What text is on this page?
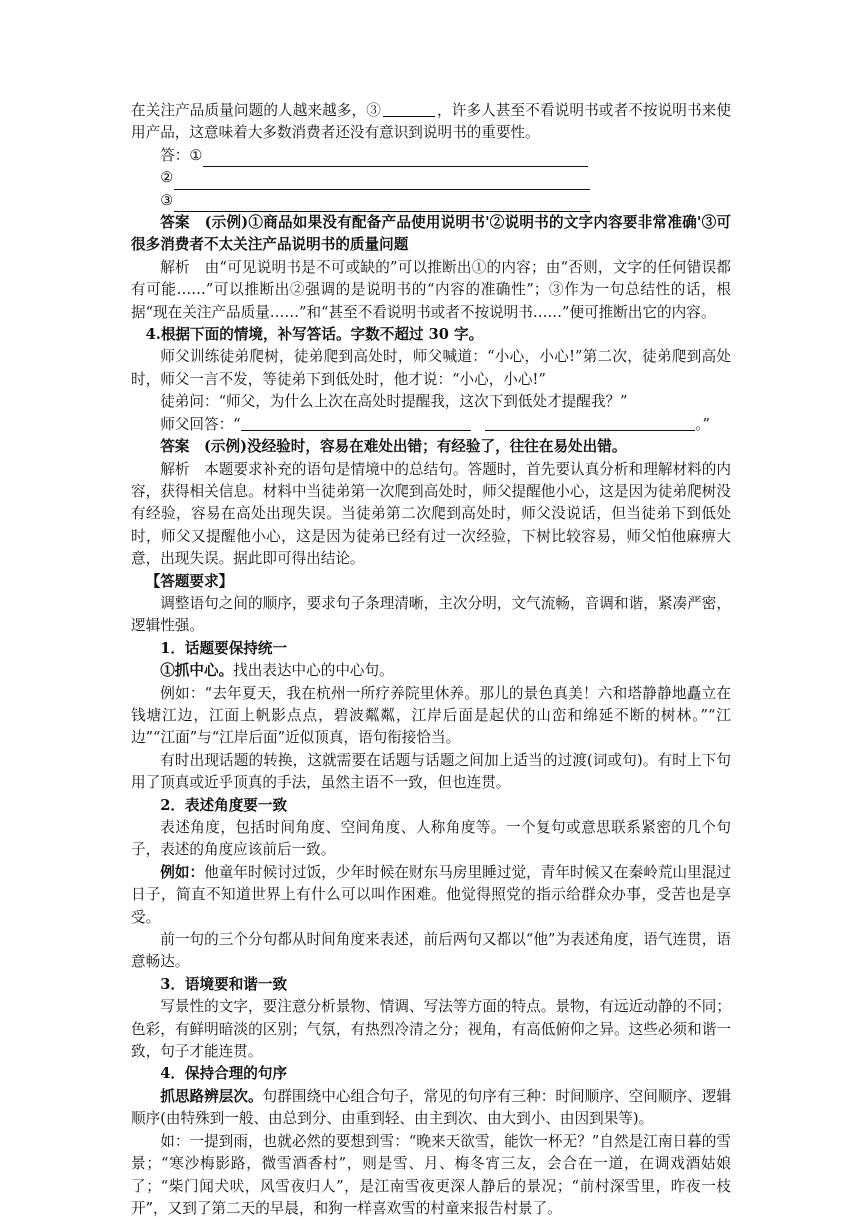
在关注产品质量问题的人越来越多，③	，许多人甚至不看说明书或者不按说明书来使用产品，这意味着大多数消费者还没有意识到说明书的重要性。

答： ①
②
③

答案　 (示例)①商品如果没有配备产品使用说明书'②说明书的文字内容要非常准确'③可很多消费者不太关注产品说明书的质量问题

解析　 由“可见说明书是不可或缺的”可以推断出①的内容；由“否则，文字的任何错误都有可能……”可以推断出②强调的是说明书的“内容的准确性”；③作为一句总结性的话，根据“现在关注产品质量……”和“甚至不看说明书或者不按说明书……”便可推断出它的内容。

4.根据下面的情境，补写答话。字数不超过 30 字。

师父训练徒弟爬树，徒弟爬到高处时，师父喊道：“小心，小心!”第二次，徒弟爬到高处时，师父一言不发，等徒弟下到低处时，他才说：“小心，小心!”

徒弟问：“师父，为什么上次在高处时提醒我，这次下到低处才提醒我？”

师父回答：“　	。”

答案　 (示例)没经验时，容易在难处出错；有经验了，往往在易处出错。

解析　 本题要求补充的语句是情境中的总结句。答题时，首先要认真分析和理解材料的内容，获得相关信息。材料中当徒弟第一次爬到高处时，师父提醒他小心，这是因为徒弟爬树没有经验，容易在高处出现失误。当徒弟第二次爬到高处时，师父没说话，但当徒弟下到低处时，师父又提醒他小心，这是因为徒弟已经有过一次经验，下树比较容易，师父怕他麻痹大意，出现失误。据此即可得出结论。

【答题要求】

调整语句之间的顺序，要求句子条理清晰，主次分明，文气流畅，音调和谐，紧凑严密，逻辑性强。

1．话题要保持统一

①抓中心。找出表达中心的中心句。

例如：“去年夏天，我在杭州一所疗养院里休养。那儿的景色真美！六和塔静静地矗立在钱塘江边，江面上帆影点点，碧波粼粼，江岸后面是起伏的山峦和绵延不断的树林。”“江边”“江面”与“江岸后面”近似顶真，语句衔接恰当。

有时出现话题的转换，这就需要在话题与话题之间加上适当的过渡(词或句)。有时上下句用了顶真或近乎顶真的手法，虽然主语不一致，但也连贯。

2．表述角度要一致

表述角度，包括时间角度、空间角度、人称角度等。一个复句或意思联系紧密的几个句子，表述的角度应该前后一致。

例如：他童年时候讨过饭，少年时候在财东马房里睡过觉，青年时候又在秦岭荒山里混过日子，简直不知道世界上有什么可以叫作困难。他觉得照党的指示给群众办事，受苦也是享受。

前一句的三个分句都从时间角度来表述，前后两句又都以“他”为表述角度，语气连贯，语意畅达。

3．语境要和谐一致

写景性的文字，要注意分析景物、情调、写法等方面的特点。景物，有远近动静的不同；色彩，有鲜明暗淡的区别；气氛，有热烈冷清之分；视角，有高低俯仰之异。这些必须和谐一致，句子才能连贯。

4．保持合理的句序

抓思路辨层次。句群围绕中心组合句子，常见的句序有三种：时间顺序、空间顺序、逻辑顺序(由特殊到一般、由总到分、由重到轻、由主到次、由大到小、由因到果等)。

如：一提到雨，也就必然的要想到雪：“晚来天欲雪，能饮一杯无？”自然是江南日暮的雪景；“寒沙梅影路，微雪酒香村”，则是雪、月、梅冬宵三友，会合在一道，在调戏酒姑娘了；“柴门闻犬吠，风雪夜归人”，是江南雪夜更深人静后的景况；“前村深雪里，昨夜一枝开”，又到了第二天的早晨，和狗一样喜欢雪的村童来报告村景了。
